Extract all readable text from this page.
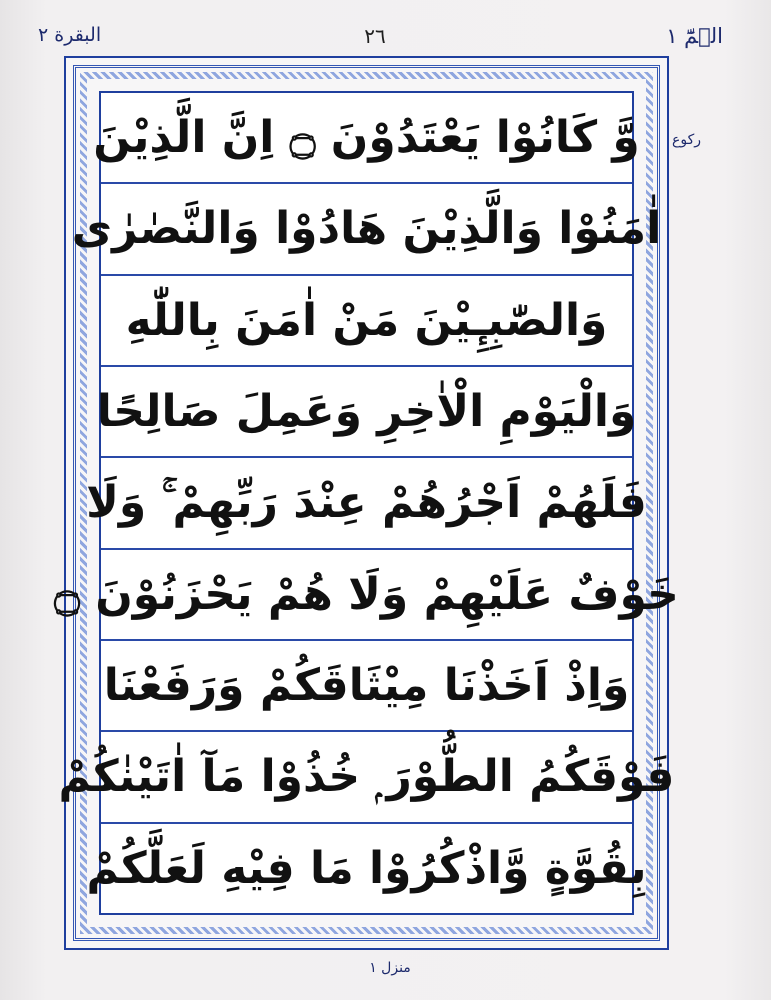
الۗمّٓ ۱
٢٦
البقرة ٢
وَّ كَانُوْا يَعْتَدُوْنَ ۝ اِنَّ الَّذِيْنَ
اٰمَنُوْا وَالَّذِيْنَ هَادُوْا وَالنَّصٰرٰى
وَالصّٰبِـِٕيْنَ مَنْ اٰمَنَ بِاللّٰهِ
وَالْيَوْمِ الْاٰخِرِ وَعَمِلَ صَالِحًا
فَلَهُمْ اَجْرُهُمْ عِنْدَ رَبِّهِمْ ۚ وَلَا
خَوْفٌ عَلَيْهِمْ وَلَا هُمْ يَحْزَنُوْنَ ۝
وَاِذْ اَخَذْنَا مِيْثَاقَكُمْ وَرَفَعْنَا
فَوْقَكُمُ الطُّوْرَ ۭ خُذُوْا مَآ اٰتَيْنٰكُمْ
بِقُوَّةٍ وَّاذْكُرُوْا مَا فِيْهِ لَعَلَّكُمْ
رکوع
منزل ۱
